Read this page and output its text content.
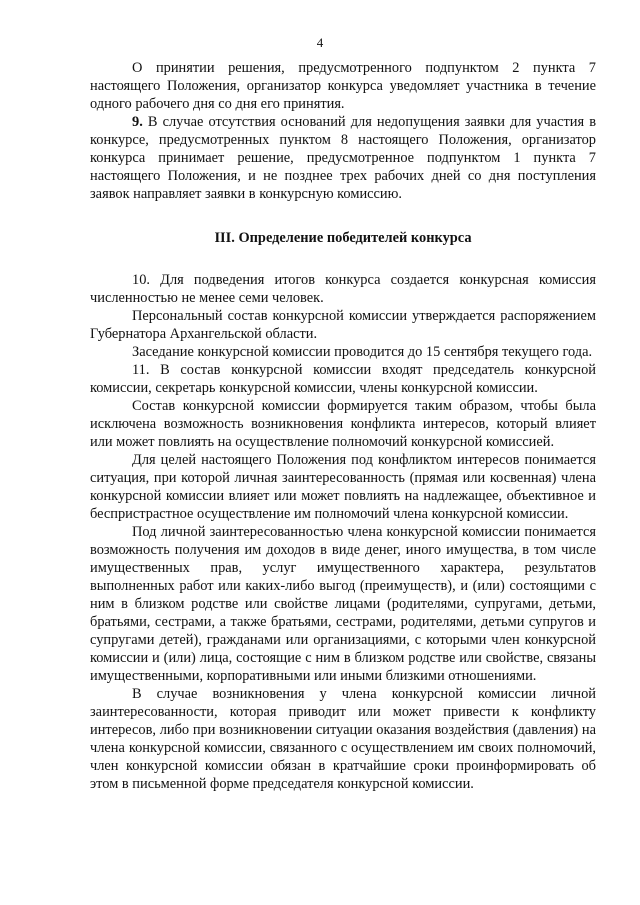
4

О принятии решения, предусмотренного подпунктом 2 пункта 7 настоящего Положения, организатор конкурса уведомляет участника в течение одного рабочего дня со дня его принятия.

9. В случае отсутствия оснований для недопущения заявки для участия в конкурсе, предусмотренных пунктом 8 настоящего Положения, организатор конкурса принимает решение, предусмотренное подпунктом 1 пункта 7 настоящего Положения, и не позднее трех рабочих дней со дня поступления заявок направляет заявки в конкурсную комиссию.

III. Определение победителей конкурса

10. Для подведения итогов конкурса создается конкурсная комиссия численностью не менее семи человек.

Персональный состав конкурсной комиссии утверждается распоряжением Губернатора Архангельской области.

Заседание конкурсной комиссии проводится до 15 сентября текущего года.

11. В состав конкурсной комиссии входят председатель конкурсной комиссии, секретарь конкурсной комиссии, члены конкурсной комиссии.

Состав конкурсной комиссии формируется таким образом, чтобы была исключена возможность возникновения конфликта интересов, который влияет или может повлиять на осуществление полномочий конкурсной комиссией.

Для целей настоящего Положения под конфликтом интересов понимается ситуация, при которой личная заинтересованность (прямая или косвенная) члена конкурсной комиссии влияет или может повлиять на надлежащее, объективное и беспристрастное осуществление им полномочий члена конкурсной комиссии.

Под личной заинтересованностью члена конкурсной комиссии понимается возможность получения им доходов в виде денег, иного имущества, в том числе имущественных прав, услуг имущественного характера, результатов выполненных работ или каких-либо выгод (преимуществ), и (или) состоящими с ним в близком родстве или свойстве лицами (родителями, супругами, детьми, братьями, сестрами, а также братьями, сестрами, родителями, детьми супругов и супругами детей), гражданами или организациями, с которыми член конкурсной комиссии и (или) лица, состоящие с ним в близком родстве или свойстве, связаны имущественными, корпоративными или иными близкими отношениями.

В случае возникновения у члена конкурсной комиссии личной заинтересованности, которая приводит или может привести к конфликту интересов, либо при возникновении ситуации оказания воздействия (давления) на члена конкурсной комиссии, связанного с осуществлением им своих полномочий, член конкурсной комиссии обязан в кратчайшие сроки проинформировать об этом в письменной форме председателя конкурсной комиссии.
